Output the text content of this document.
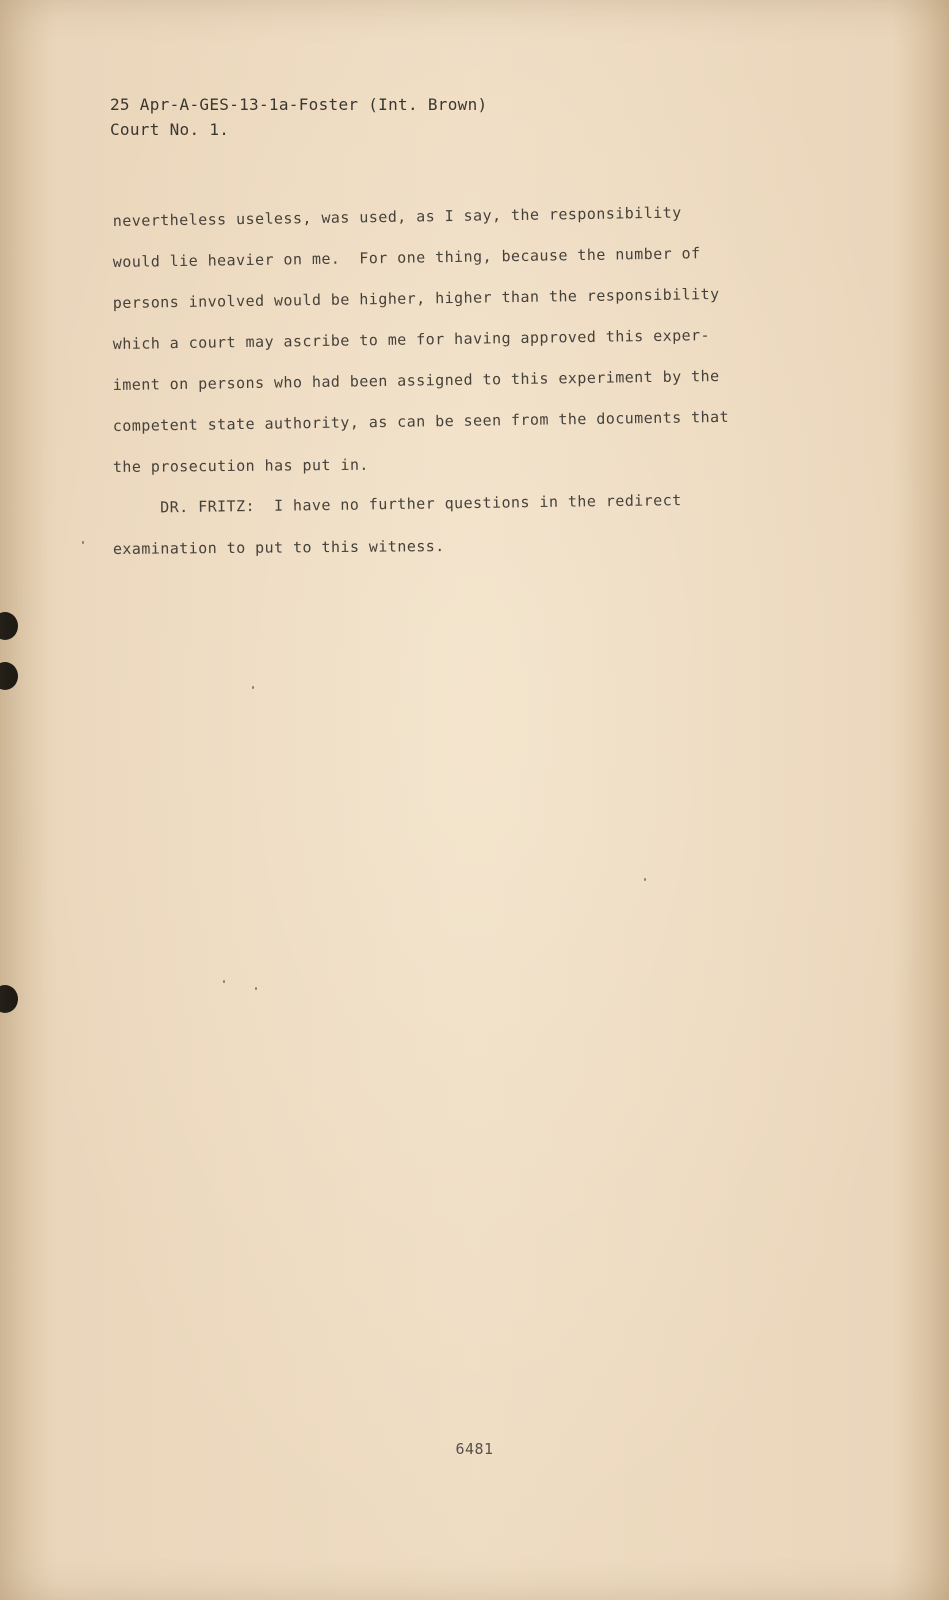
25 Apr-A-GES-13-1a-Foster (Int. Brown)
Court No. 1.
nevertheless useless, was used, as I say, the responsibility
would lie heavier on me.  For one thing, because the number of
persons involved would be higher, higher than the responsibility
which a court may ascribe to me for having approved this exper-
iment on persons who had been assigned to this experiment by the
competent state authority, as can be seen from the documents that
the prosecution has put in.
DR. FRITZ:  I have no further questions in the redirect
examination to put to this witness.
6481
